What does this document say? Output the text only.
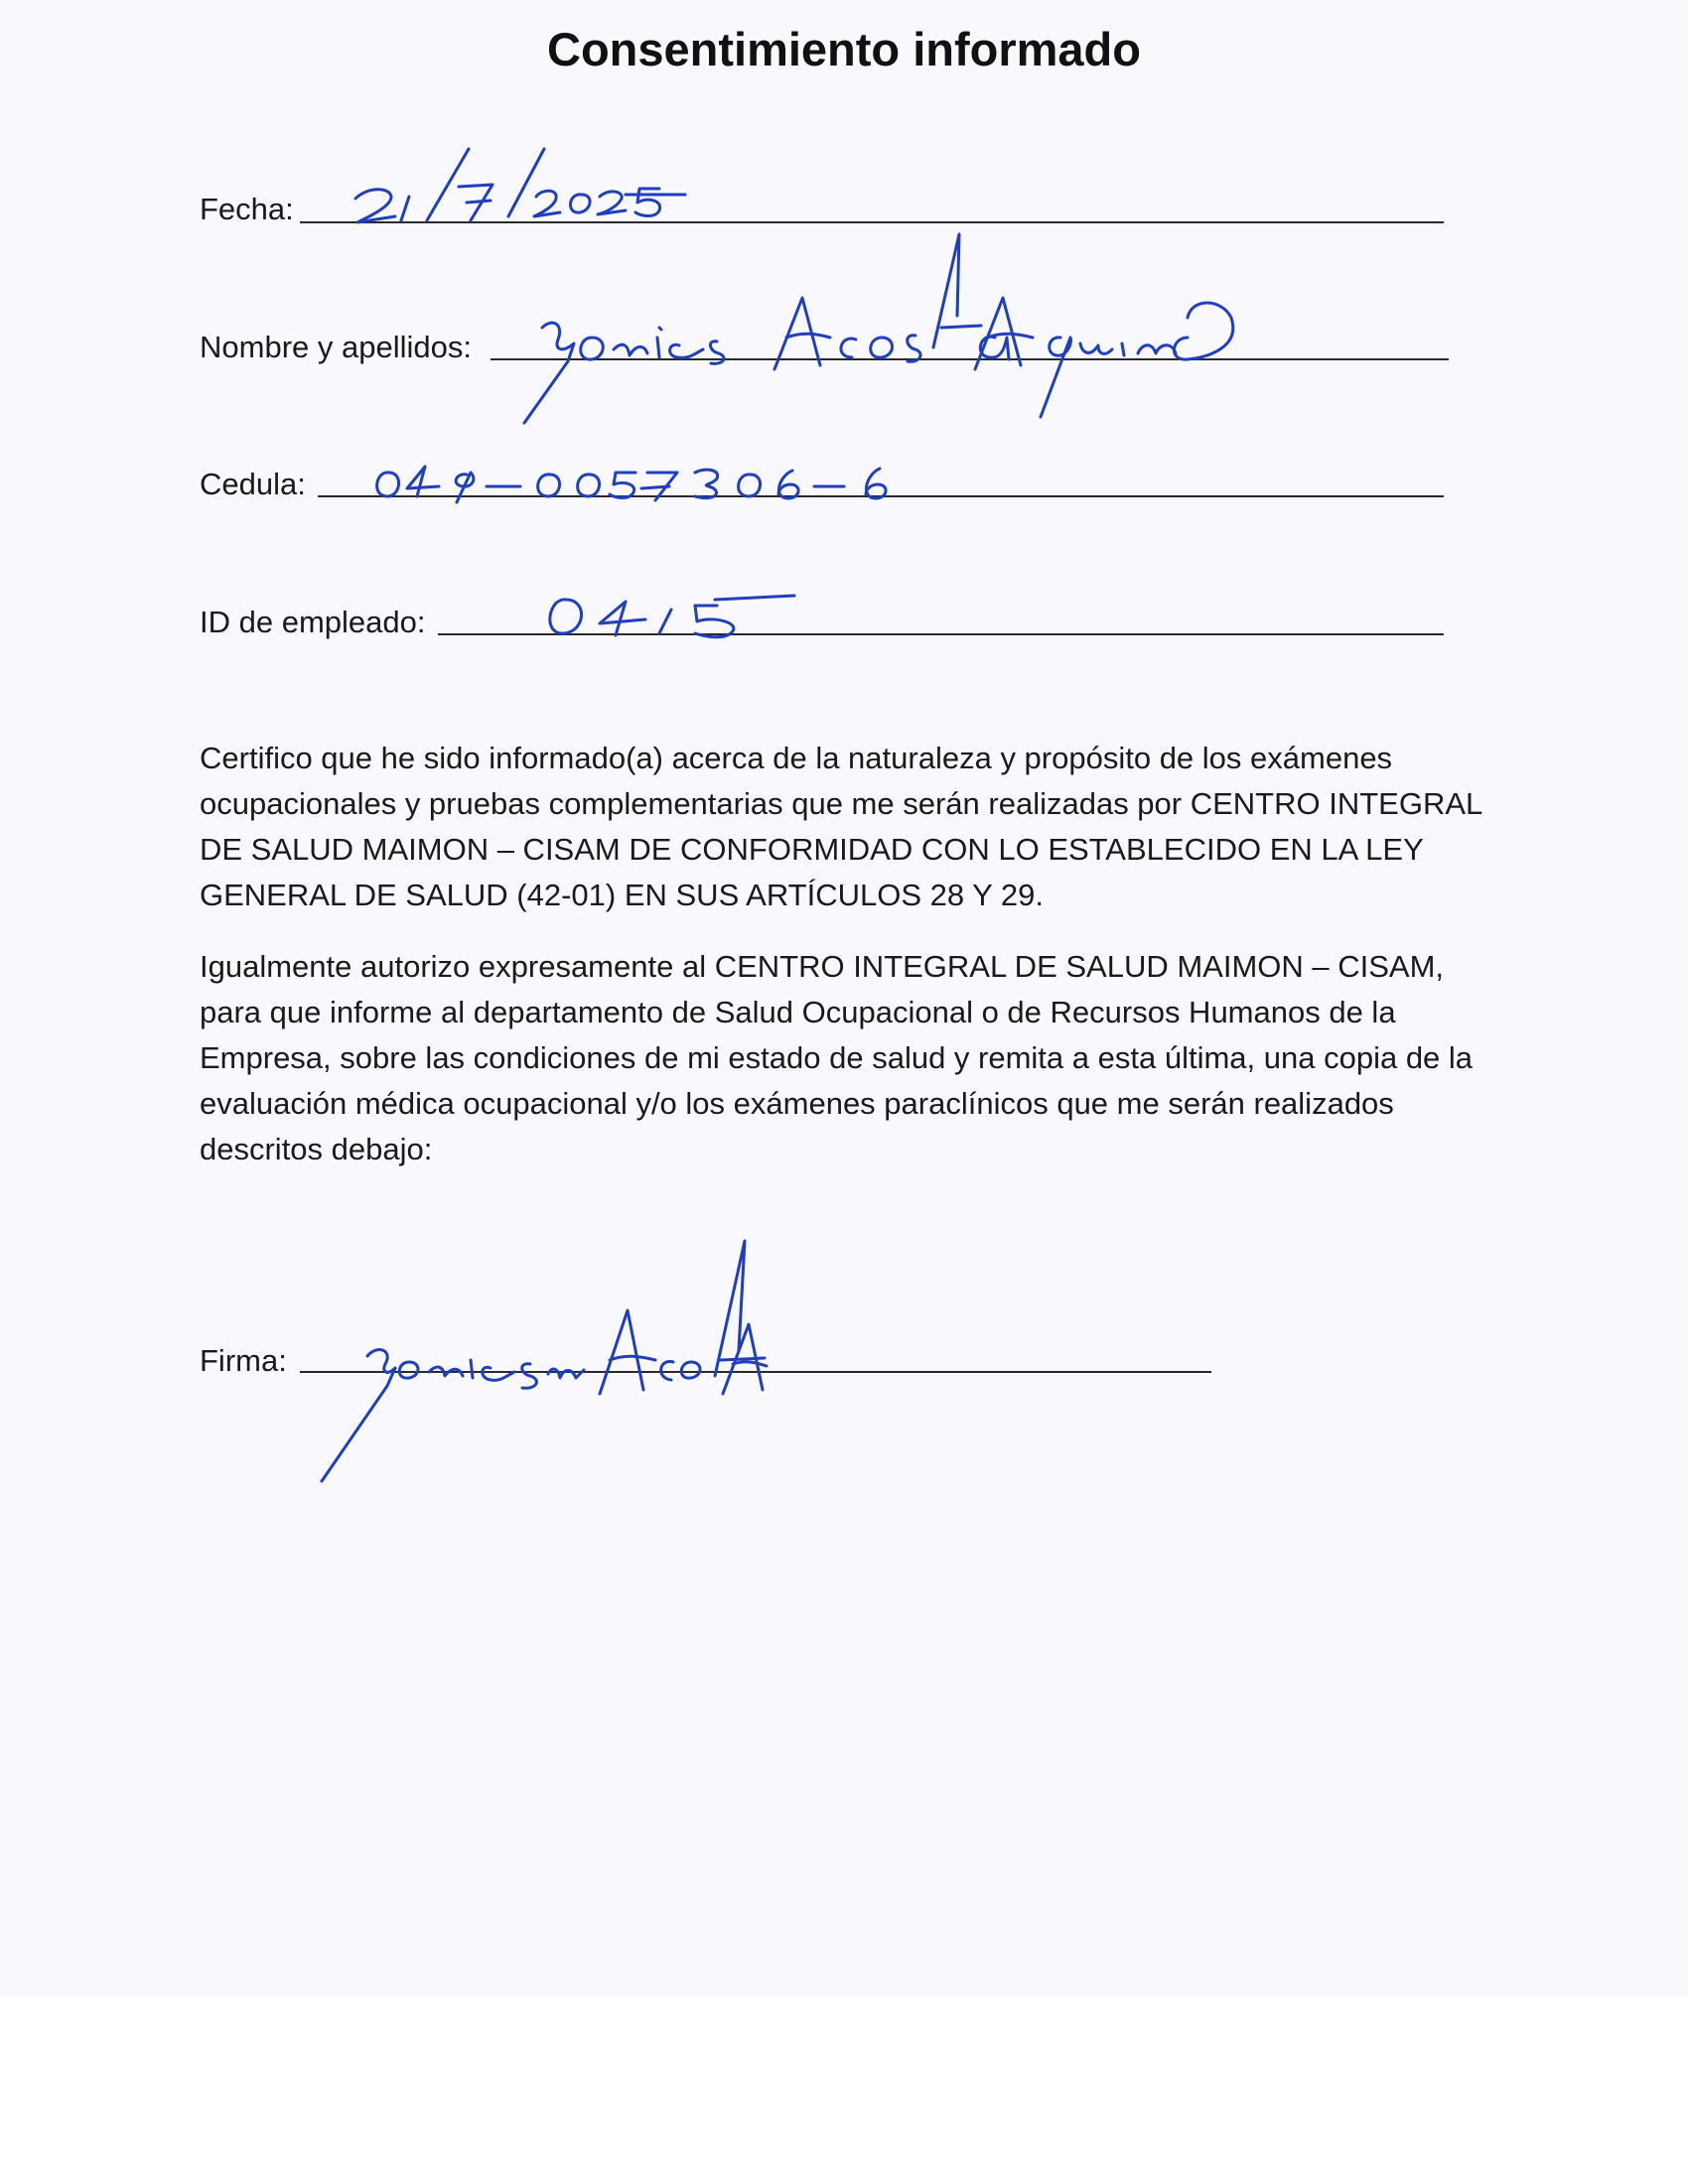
Consentimiento informado
Fecha:
Nombre y apellidos:
Cedula:
ID de empleado:

Certifico que he sido informado(a) acerca de la naturaleza y propósito de los exámenes ocupacionales y pruebas complementarias que me serán realizadas por CENTRO INTEGRAL DE SALUD MAIMON – CISAM DE CONFORMIDAD CON LO ESTABLECIDO EN LA LEY GENERAL DE SALUD (42-01) EN SUS ARTÍCULOS 28 Y 29.

Igualmente autorizo expresamente al CENTRO INTEGRAL DE SALUD MAIMON – CISAM, para que informe al departamento de Salud Ocupacional o de Recursos Humanos de la Empresa, sobre las condiciones de mi estado de salud y remita a esta última, una copia de la evaluación médica ocupacional y/o los exámenes paraclínicos que me serán realizados descritos debajo:

Firma:
